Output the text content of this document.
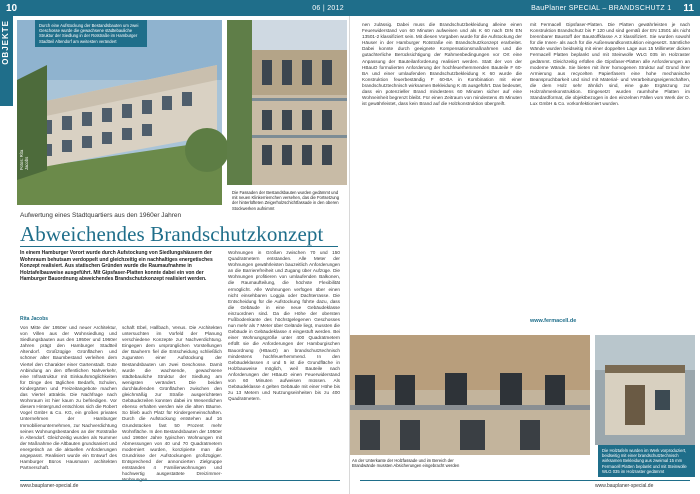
10	06 | 2012
OBJEKTE	Durch eine Aufstockung der Bestandsbauten um zwei Geschosse wurde die gewachsene städtebauliche Struktur der Siedlung in der Rotstraße im Hamburger Stadtteil Altendorf am weitesten verändert
Fotos: Rita Jacobs
Die Fassaden der Bestandsbauten wurden gedämmt und mit neuen Klinkerriemchen versehen, das die Fortsetzung der hinterlüfteten Zeigerholzschichtfassade in den oberen Stockwerken aufnimmt
Aufwertung eines Stadtquartiers aus den 1960er Jahren
Abweichendes Brandschutzkonzept
In einem Hamburger Vorort wurde durch Aufstockung von Siedlungshäusern der Wohnraum behutsam verdoppelt und gleichzeitig ein nachhaltiges energetisches Konzept realisiert. Aus statischen Gründen wurde die Raumaufnahme in Holztafelbauweise ausgeführt. Mit Gipsfaser-Platten konnte dabei ein von der Hamburger Bauordnung abweichendes Brandschutzkonzept realisiert werden.
Rita Jacobs
Von Mitte der 1950er und neuer Architektur, von Villen aus der Wohnsiedlung und Siedlungsbauten aus den 1950er und 1960er Jahren prägt den Hamburger Stadtteil Altendorf. Großzügige Grünflächen und schöner alter Baumbestand verleihen dem Viertel den Charakter einer Gartenstadt. Gute Anbindung an den öffentlichen Nahverkehr, eine Infrastruktur mit Einkaufsmöglichkeiten für Dinge des täglichen Bedarfs, Schulen, Kindergärten und Freizeitangebote machen das Viertel attraktiv. Die Nachfrage nach Wohnraum ist hier kaum zu befriedigen. Vor diesem Hintergrund entschloss sich die Robert Vogel GmbH & Co. KG, ein großes privates Unternehmen der Hamburger Immobilienunternehmen, zur Nachverdichtung seines Wohnungsbestandes an der Rotstraße in Altendorf. Gleichzeitig wurden als Nummer der Maßnahme die Altbauten grundsaniert und energetisch an die aktuellen Anforderungen angepasst. Realisiert wurde ein Entwurf des Hamburger Büros Hausmann architekten Partnerschaft.
schaft Ebel, Hallbach, Venus. Die Architekten untersuchten im Vorfeld der Planung verschiedene Konzepte zur Nachverdichtung. Eingegen dem ursprünglichen Vorstellungen der Bauherrn fiel die Entscheidung schließlich zugunsten einer Aufstockung der Bestandsbauten um zwei Geschosse. Damit wurde die wachsende, gewachsene städtebauliche Struktur der Siedlung am wenigsten verändert. Die beiden durchlaufenden Grünflächen zwischen den gleichmäßig zur Straße ausgerichteten Gebäudezeilen konnten dabei im Wesentlichen ebenso erhalten werden wie die alten Bäume. So blieb auch Platz für Kindergemeinschaften. Durch die Aufstockung entstehen auf 16 Grundstücken fast 50 Prozent mehr Wohnfläche. In den Bestandsbauten der 1950er und 1960er Jahre typischen Wohnungen mit Abmessungen von 40 und 70 Quadratmetern moderniert wurden, konzipierte man die Grundrisse der Aufstockungen großzügiger. Entsprechend der annoncierten Zielgruppe entstanden 4 Familienwohnungen und hochwertig ausgestattete Dreizimmer-
Wohnungen in Größen zwischen 70 und 150 Quadratmetern entstanden. Alle Meter der Wohnungen gewährleisten bauzeitlich Anforderungen an die Barrierefreiheit und Zugang über Aufzüge. Die Wohnungen profitieren von umlaufenden Balkonen, die Raumaufteilung, die höchste Flexibilität ermöglicht. Alle Wohnungen verfügen über einen nicht einsehbaren Loggia oder Dachterrasse. Die Entscheidung für die Aufstockung führte dazu, dass die Gebäude in eine neue Gebäudeklasse einzuordnen sind. Da die Höhe der obersten Fußbodenkante des höchstgelegenen Geschosses nun mehr als 7 Meter über Gelände liegt, mussten die Gebäude in Gebäudeklasse 4 eingestuft werden. Bei einer Wohnungsgröße unter 400 Quadratmetern erfüllt sie die Anforderungen der Hamburgischen Bauordnung (HBauO) an brandschutztechnisch mindestens hochfeuerhemmend. In den Gebäudeklassen 4 und 5 ist die Grundfläche in Holzbauweise möglich, weil Bauteile nach Anforderungen der HBauO einen Feuerwiderstand von 60 Minuten aufweisen müssen. Als Gebäudeklasse 4 gelten Gebäude mit einer Höhe bis zu 13 Metern und Nutzungseinheiten bis zu 400 Quadratmetern.
www.bauplaner-special.de
BauPlaner SPECIAL – BRANDSCHUTZ 1	11
nen zulässig. Dabei muss die Brandschutzbekleidung alleine einen Feuerwiderstand von 60 Minuten aufweisen und als K 60 nach DIN EN 13501-2 klassifiziert sein. Mit diesen Vorgaben wurde für die Aufstockung der Häuser in der Hamburger Rotstraße ein Brandschutzkonzept erarbeitet. Dabei konnte durch geeignete Kompensationsmaßnahmen und die gutachterliche Berücksichtigung der Rahmenbedingungen vor Ort eine Anpassung der Bauteilanforderung realisiert werden. Statt der von der HBauO formulierten Anforderung der hochfeuerhemmenden Bauteile F 60-BA und einer umlaufenden Brandschutzbekleidung K 60 wurde die Konstruktion feuerbeständig F 60-BA in Kombination mit einer brandschutztechnisch wirksamen Bekleidung K 45 ausgeführt. Das bedeutet, dass ein potenzieller Brand mindestens 60 Minuten sicher auf eine Wohneinheit begrenzt bleibt. Für einen Zeitraum von mindestens 45 Minuten ist gewährleistet, dass kein Brand auf die Holzkonstruktion übergreift.
mit Fermacell Gipsfaser-Platten. Die Platten gewährleisten je nach Konstruktion Brandschutz bis F 120 und sind gemäß der EN 13501 als nicht brennbarer Baustoff der Baustoffklasse A 2 klassifiziert. Sie wurden sowohl für die Innen- als auch für die Außenwandkonstruktion eingesetzt. Sämtliche Wände wurden beidseitig mit einer doppelten Lage aus 15 Millimeter dicken Fermacell Platten beplankt und mit Steinwolle WLG 035 im Holzraster gedämmt. Gleichzeitig erfüllen die Gipsfaser-Platten alle Anforderungen an moderne Wände. Sie bieten mit ihrer homogenen Struktur auf Grund ihrer Armierung aus recycelten Papierfasern eine hohe mechanische Beanspruchbarkeit und sind mit Material- und Verarbeitungseigenschaften, die dem Holz sehr ähnlich sind, eine gute Ergänzung zur Holzrahmenkonstruktion. Eingesetzt wurden raumhohe Platten im Standardformat, die objektbezogen in den einzelnen Fällen vom Werk der O. Lux GmbH & Co. vorkonfektioniert wurden.
www.fermacell.de
An der Unterkante der Holzfassade und im Bereich der Brandwände mussten Absicherungen eingebracht werden
Die Holztafeln wurden im Werk vorproduziert, beidseitig mit einer brandschutztechnisch wirksamen Bekleidung aus zweimal 15 mm Fermacell Platten beplankt und mit Steinwolle WLG 035 im Holzraster gedämmt
www.bauplaner-special.de
